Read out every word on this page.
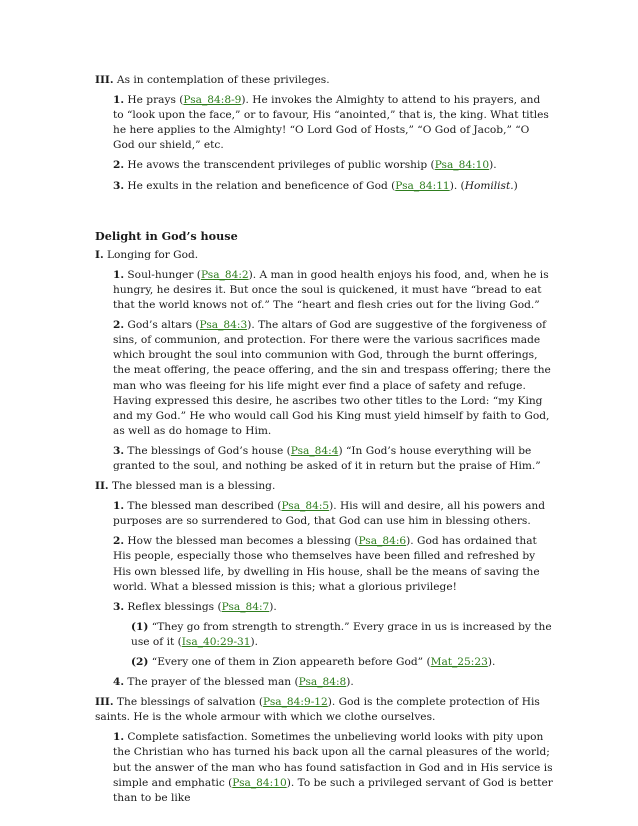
III. As in contemplation of these privileges.

1. He prays (Psa_84:8-9). He invokes the Almighty to attend to his prayers, and to “look upon the face,” or to favour, His “anointed,” that is, the king. What titles he here applies to the Almighty! “O Lord God of Hosts,” “O God of Jacob,” “O God our shield,” etc.

2. He avows the transcendent privileges of public worship (Psa_84:10).

3. He exults in the relation and beneficence of God (Psa_84:11). (Homilist.)

Delight in God’s house

I. Longing for God.

1. Soul-hunger (Psa_84:2). A man in good health enjoys his food, and, when he is hungry, he desires it. But once the soul is quickened, it must have “bread to eat that the world knows not of.” The “heart and flesh cries out for the living God.”

2. God’s altars (Psa_84:3). The altars of God are suggestive of the forgiveness of sins, of communion, and protection. For there were the various sacrifices made which brought the soul into communion with God, through the burnt offerings, the meat offering, the peace offering, and the sin and trespass offering; there the man who was fleeing for his life might ever find a place of safety and refuge. Having expressed this desire, he ascribes two other titles to the Lord: “my King and my God.” He who would call God his King must yield himself by faith to God, as well as do homage to Him.

3. The blessings of God’s house (Psa_84:4) “In God’s house everything will be granted to the soul, and nothing be asked of it in return but the praise of Him.”

II. The blessed man is a blessing.

1. The blessed man described (Psa_84:5). His will and desire, all his powers and purposes are so surrendered to God, that God can use him in blessing others.

2. How the blessed man becomes a blessing (Psa_84:6). God has ordained that His people, especially those who themselves have been filled and refreshed by His own blessed life, by dwelling in His house, shall be the means of saving the world. What a blessed mission is this; what a glorious privilege!

3. Reflex blessings (Psa_84:7).

(1) “They go from strength to strength.” Every grace in us is increased by the use of it (Isa_40:29-31).

(2) “Every one of them in Zion appeareth before God” (Mat_25:23).

4. The prayer of the blessed man (Psa_84:8).

III. The blessings of salvation (Psa_84:9-12). God is the complete protection of His saints. He is the whole armour with which we clothe ourselves.

1. Complete satisfaction. Sometimes the unbelieving world looks with pity upon the Christian who has turned his back upon all the carnal pleasures of the world; but the answer of the man who has found satisfaction in God and in His service is simple and emphatic (Psa_84:10). To be such a privileged servant of God is better than to be like
